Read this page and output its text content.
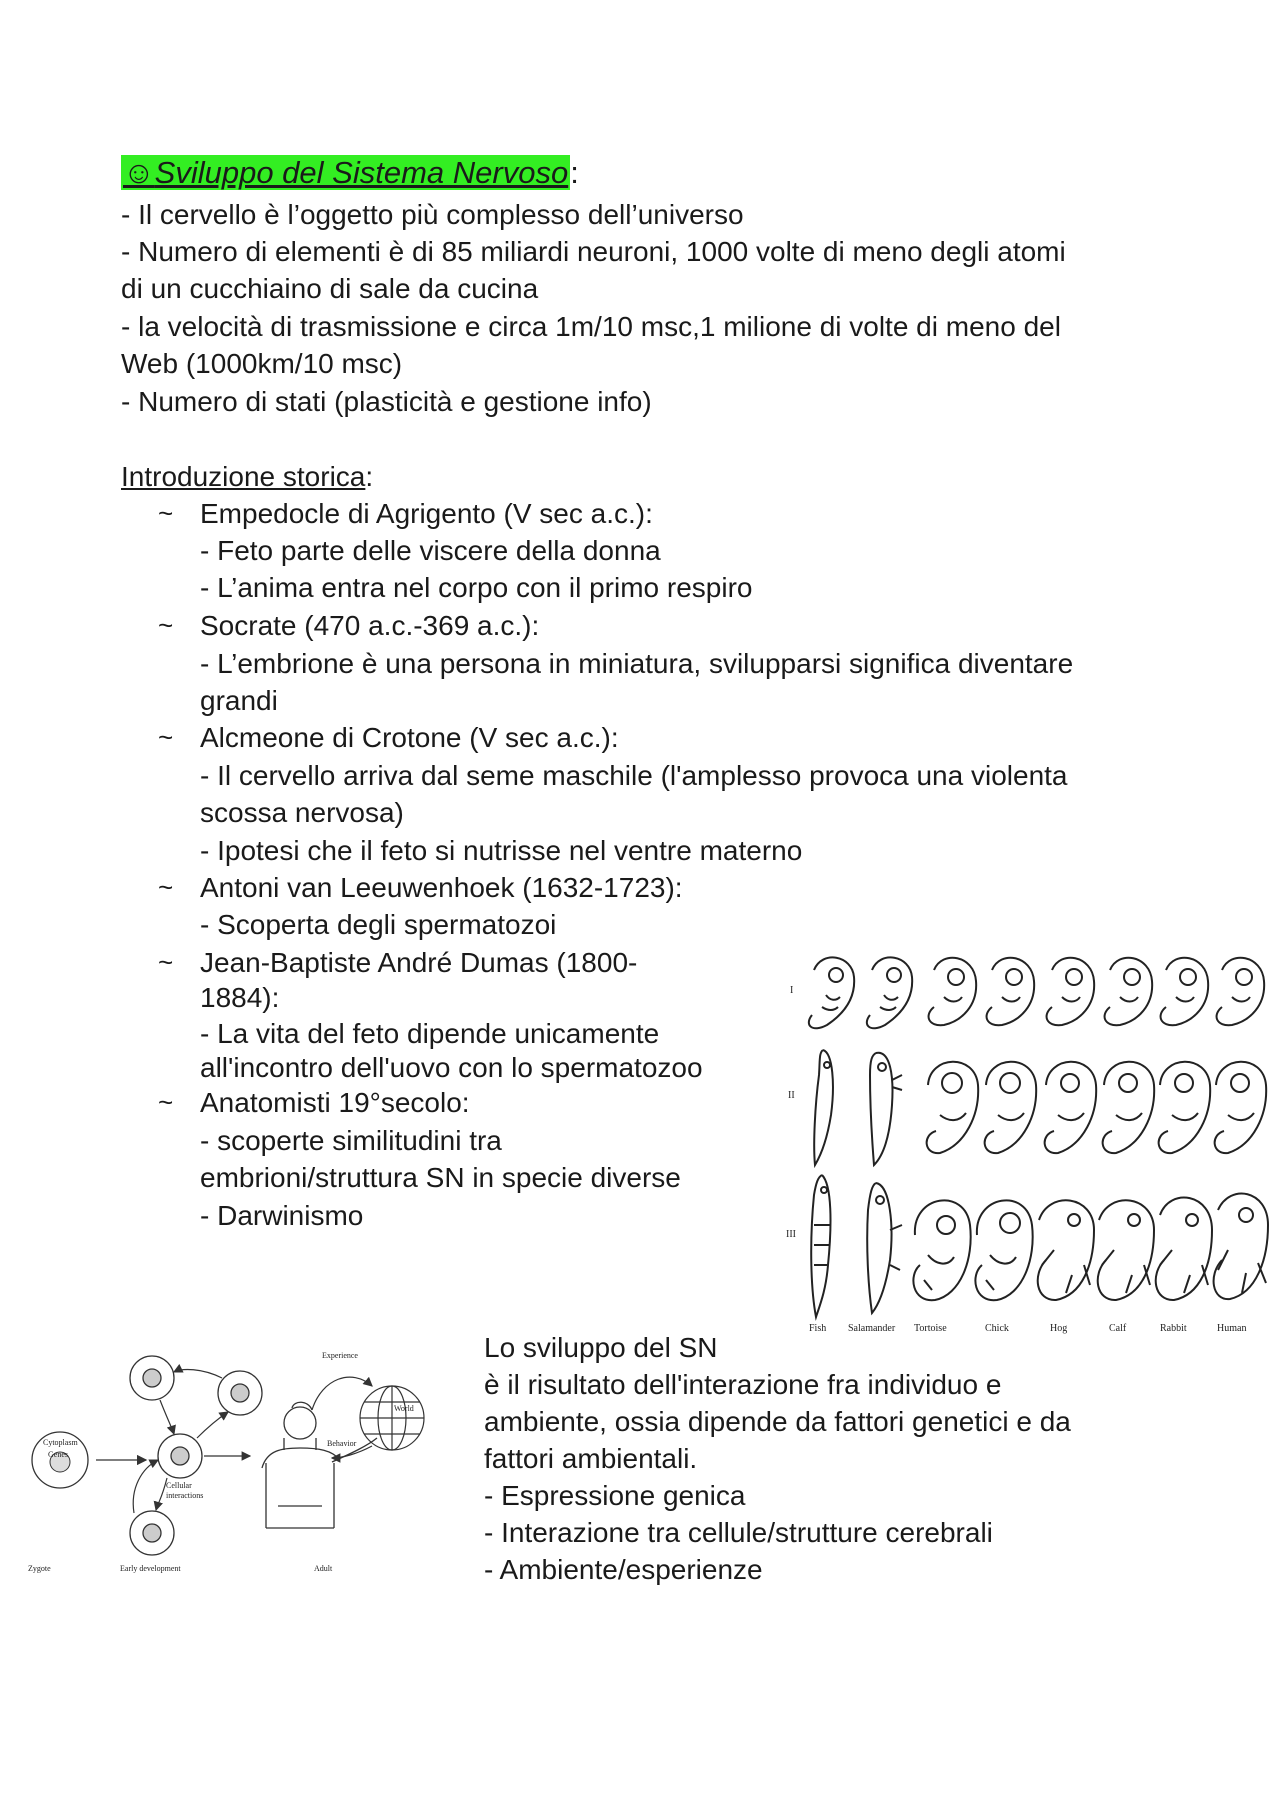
☺Sviluppo del Sistema Nervoso:
- Il cervello è l’oggetto più complesso dell’universo
- Numero di elementi è di 85 miliardi neuroni, 1000 volte di meno degli atomi
di un cucchiaino di sale da cucina
- la velocità di trasmissione e circa 1m/10 msc,1 milione di volte di meno del
Web (1000km/10 msc)
- Numero di stati (plasticità e gestione info)
Introduzione storica:
~ Empedocle di Agrigento (V sec a.c.):
- Feto parte delle viscere della donna
- L’anima entra nel corpo con il primo respiro
~ Socrate (470 a.c.-369 a.c.):
- L’embrione è una persona in miniatura, svilupparsi significa diventare
grandi
~ Alcmeone di Crotone (V sec a.c.):
- Il cervello arriva dal seme maschile (l'amplesso provoca una violenta
scossa nervosa)
- Ipotesi che il feto si nutrisse nel ventre materno
~ Antoni van Leeuwenhoek (1632-1723):
- Scoperta degli spermatozoi
~ Jean-Baptiste André Dumas (1800-
1884):
- La vita del feto dipende unicamente
all'incontro dell'uovo con lo spermatozoo
~ Anatomisti 19°secolo:
- scoperte similitudini tra
embrioni/struttura SN in specie diverse
- Darwinismo
I
II
III
Fish Salamander Tortoise	Chick	Hog	Calf	Rabbit	Human
Cytoplasm
Genes
Cellular
interactions
Experience
World
Behavior
Zygote	Early development	Adult
Lo sviluppo del SN
è il risultato dell'interazione fra individuo e
ambiente, ossia dipende da fattori genetici e da
fattori ambientali.
- Espressione genica
- Interazione tra cellule/strutture cerebrali
- Ambiente/esperienze
